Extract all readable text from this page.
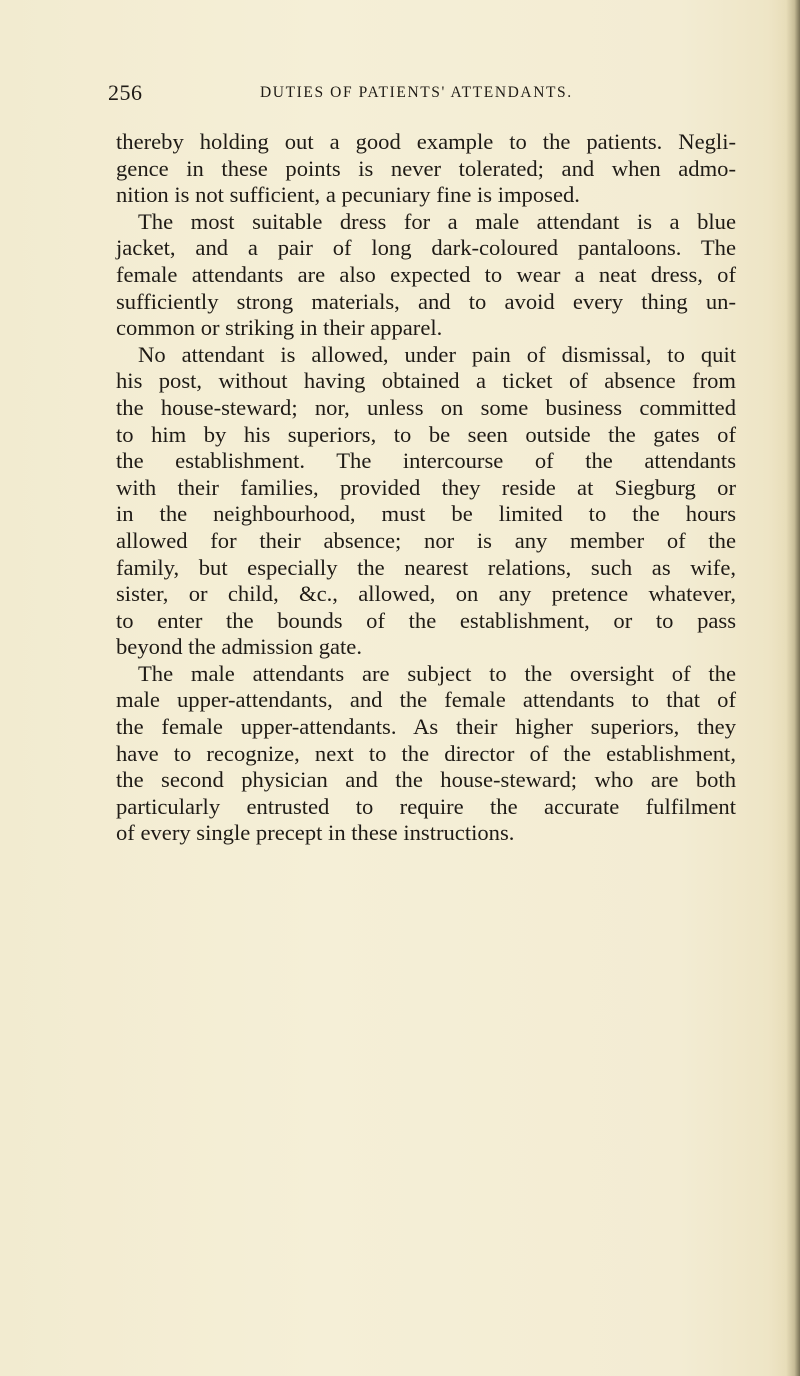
256	DUTIES OF PATIENTS' ATTENDANTS.
thereby holding out a good example to the patients. Negli-
gence in these points is never tolerated; and when admo-
nition is not sufficient, a pecuniary fine is imposed.
The most suitable dress for a male attendant is a blue
jacket, and a pair of long dark-coloured pantaloons. The
female attendants are also expected to wear a neat dress, of
sufficiently strong materials, and to avoid every thing un-
common or striking in their apparel.
No attendant is allowed, under pain of dismissal, to quit
his post, without having obtained a ticket of absence from
the house-steward; nor, unless on some business committed
to him by his superiors, to be seen outside the gates of
the establishment. The intercourse of the attendants
with their families, provided they reside at Siegburg or
in the neighbourhood, must be limited to the hours
allowed for their absence; nor is any member of the
family, but especially the nearest relations, such as wife,
sister, or child, &c., allowed, on any pretence whatever,
to enter the bounds of the establishment, or to pass
beyond the admission gate.
The male attendants are subject to the oversight of the
male upper-attendants, and the female attendants to that of
the female upper-attendants. As their higher superiors, they
have to recognize, next to the director of the establishment,
the second physician and the house-steward; who are both
particularly entrusted to require the accurate fulfilment
of every single precept in these instructions.
